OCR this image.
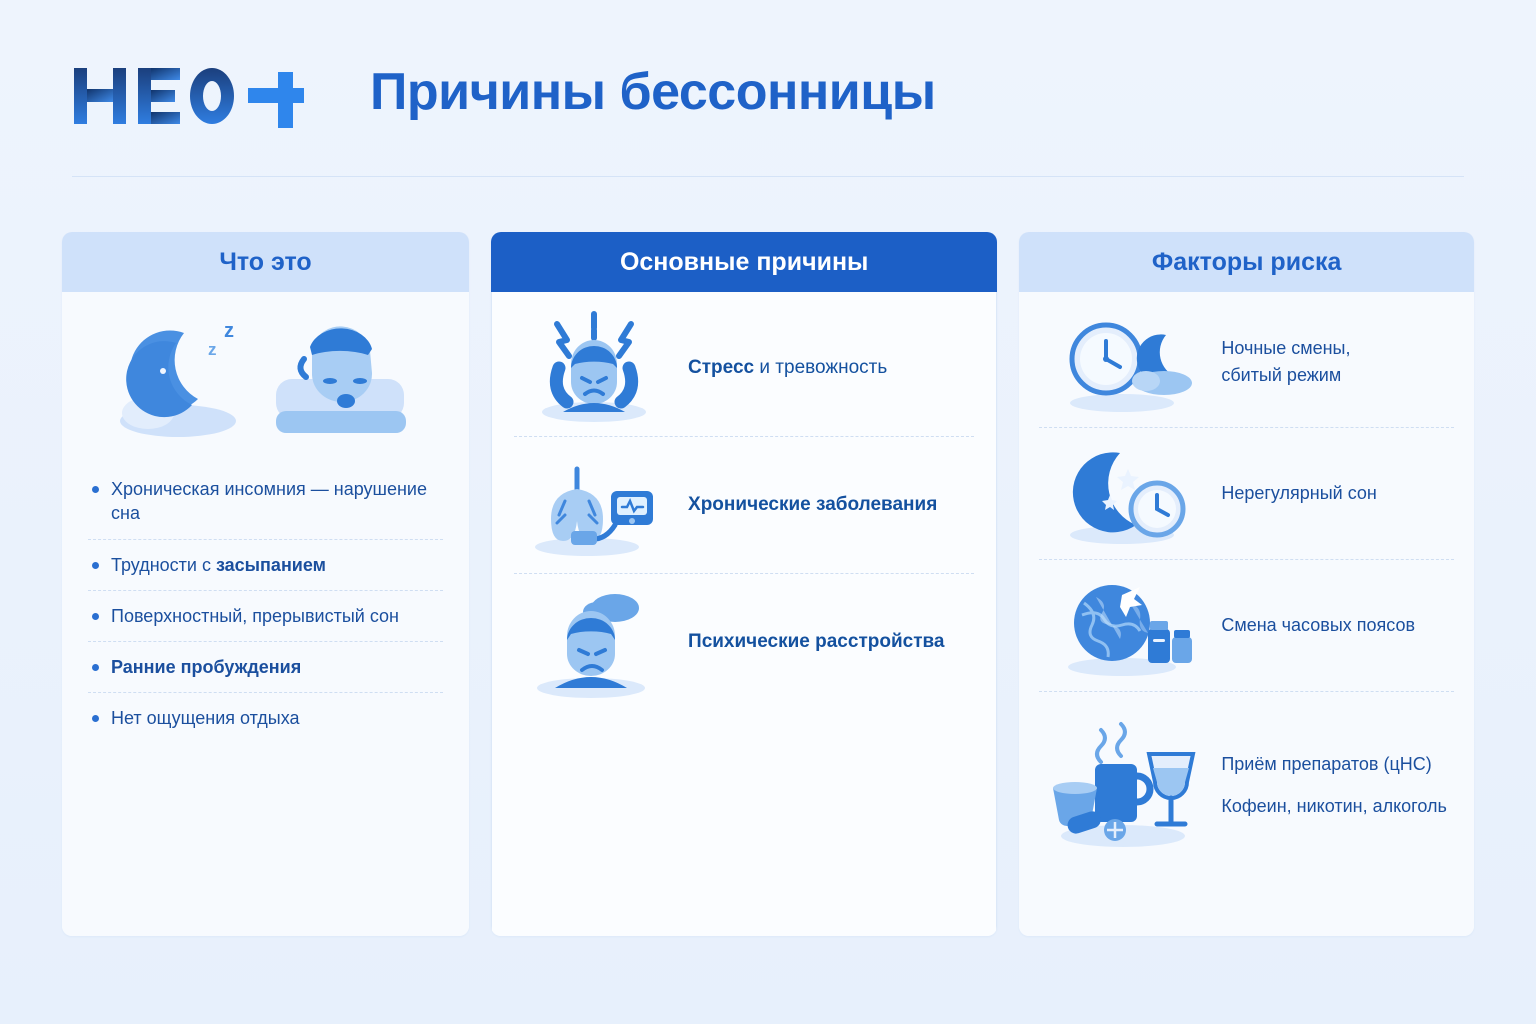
Причины бессонницы
Что это
z
z
Хроническая инсомния — нарушение сна
Трудности с засыпанием
Поверхностный, прерывистый сон
Ранние пробуждения
Нет ощущения отдыха
Основные причины
Стресс и тревожность
Хронические заболевания
Психические расстройства
Факторы риска
Ночные смены,
сбитый режим
Нерегулярный сон
Смена часовых поясов
Приём препаратов (цНС)
Кофеин, никотин, алкоголь
